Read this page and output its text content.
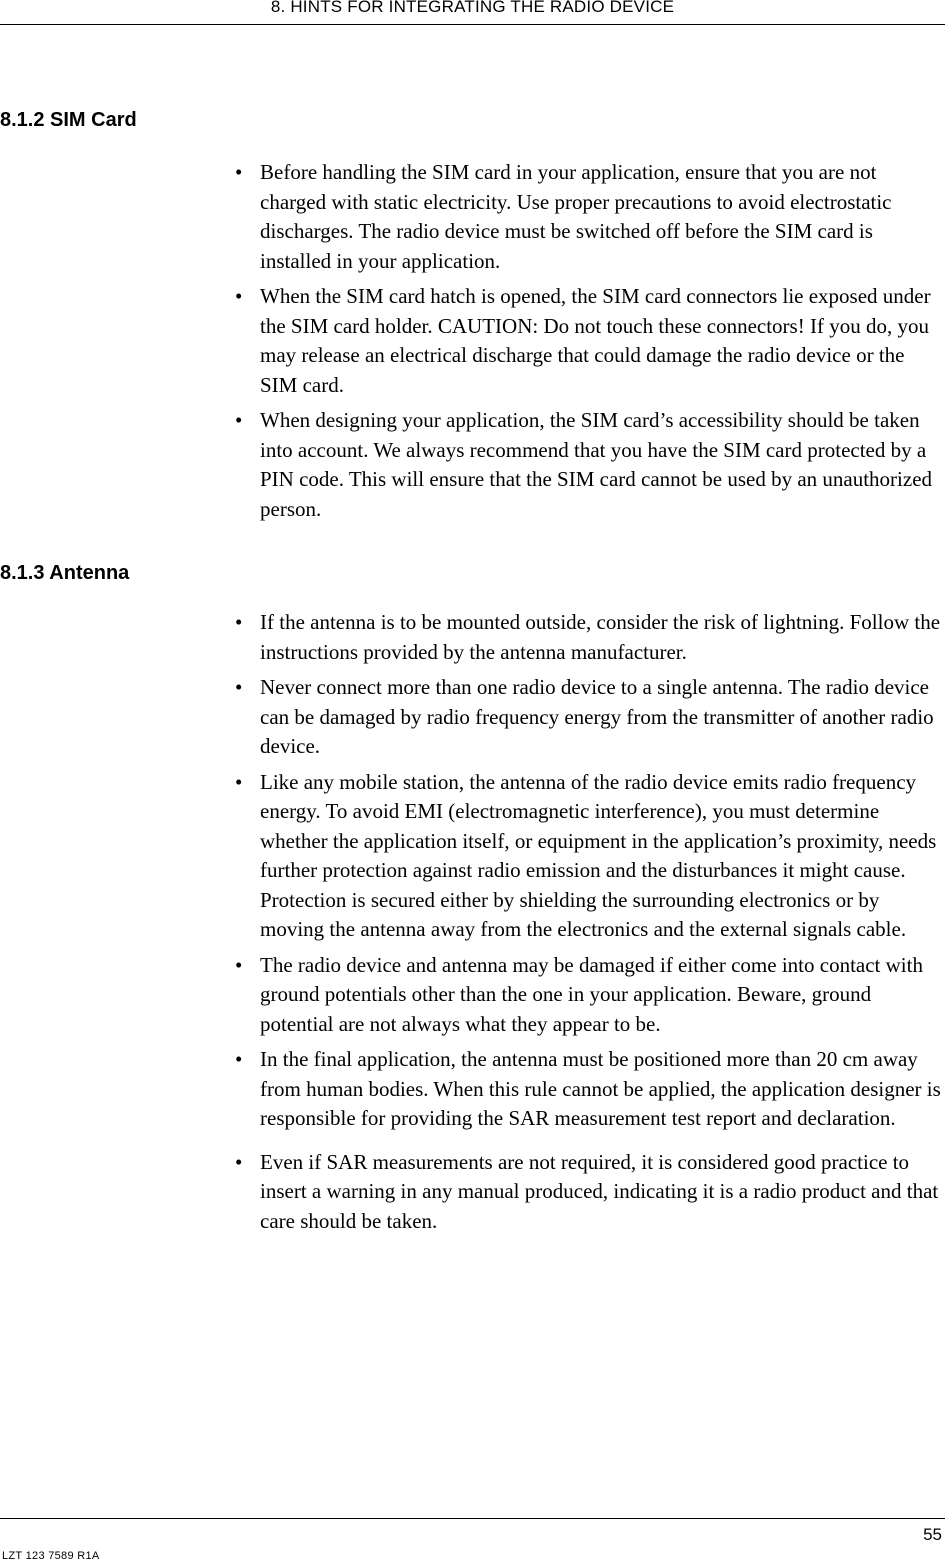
8. HINTS FOR INTEGRATING THE RADIO DEVICE
8.1.2 SIM Card
• Before handling the SIM card in your application, ensure that you are not charged with static electricity. Use proper precautions to avoid electrostatic discharges. The radio device must be switched off before the SIM card is installed in your application.
• When the SIM card hatch is opened, the SIM card connectors lie exposed under the SIM card holder. CAUTION: Do not touch these connectors! If you do, you may release an electrical discharge that could damage the radio device or the SIM card.
• When designing your application, the SIM card’s accessibility should be taken into account. We always recommend that you have the SIM card protected by a PIN code. This will ensure that the SIM card cannot be used by an unauthorized person.
8.1.3 Antenna
• If the antenna is to be mounted outside, consider the risk of lightning. Follow the instructions provided by the antenna manufacturer.
• Never connect more than one radio device to a single antenna. The radio device can be damaged by radio frequency energy from the transmitter of another radio device.
• Like any mobile station, the antenna of the radio device emits radio frequency energy. To avoid EMI (electromagnetic interference), you must determine whether the application itself, or equipment in the application’s proximity, needs further protection against radio emission and the disturbances it might cause. Protection is secured either by shielding the surrounding electronics or by moving the antenna away from the electronics and the external signals cable.
• The radio device and antenna may be damaged if either come into contact with ground potentials other than the one in your application. Beware, ground potential are not always what they appear to be.
• In the final application, the antenna must be positioned more than 20 cm away from human bodies. When this rule cannot be applied, the application designer is responsible for providing the SAR measurement test report and declaration.
• Even if SAR measurements are not required, it is considered good practice to insert a warning in any manual produced, indicating it is a radio product and that care should be taken.
55
LZT 123 7589 R1A
